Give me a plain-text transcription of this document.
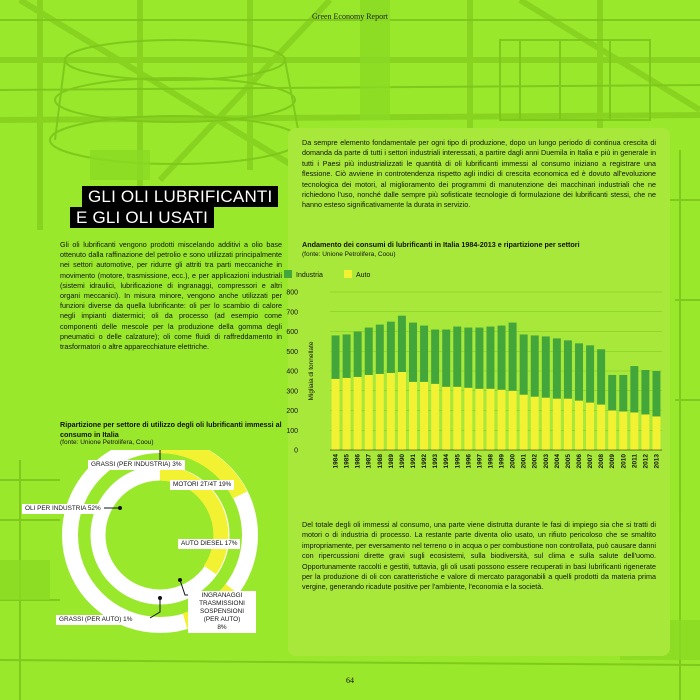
Green Economy Report
GLI OLI LUBRIFICANTI
E GLI OLI USATI

Gli oli lubrificanti vengono prodotti miscelando additivi a olio base ottenuto dalla raffinazione del petrolio e sono utilizzati principalmente nei settori automotive, per ridurre gli attriti tra parti meccaniche in movimento (motore, trasmissione, ecc.), e per applicazioni industriali (sistemi idraulici, lubrificazione di ingranaggi, compressori e altri organi meccanici). In misura minore, vengono anche utilizzati per funzioni diverse da quella lubrificante: oli per lo scambio di calore negli impianti diatermici; oli da processo (ad esempio come componenti delle mescole per la produzione della gomma degli pneumatici o delle calzature); oli come fluidi di raffreddamento in trasformatori o altre apparecchiature elettriche.

Ripartizione per settore di utilizzo degli oli lubrificanti immessi al consumo in Italia

(fonte: Unione Petrolifera, Coou)

GRASSI (PER INDUSTRIA) 3%
MOTORI 2T/4T 19%
OLI PER INDUSTRIA 52%
AUTO DIESEL 17%
INGRANAGGI
TRASMISSIONI
SOSPENSIONI
(PER AUTO)
8%
GRASSI (PER AUTO) 1%

Da sempre elemento fondamentale per ogni tipo di produzione, dopo un lungo periodo di continua crescita di domanda da parte di tutti i settori industriali interessati, a partire dagli anni Duemila in Italia e più in generale in tutti i Paesi più industrializzati le quantità di oli lubrificanti immessi al consumo iniziano a registrare una flessione. Ciò avviene in controtendenza rispetto agli indici di crescita economica ed è dovuto all'evoluzione tecnologica dei motori, al miglioramento dei programmi di manutenzione dei macchinari industriali che ne richiedono l'uso, nonché dalle sempre più sofisticate tecnologie di formulazione dei lubrificanti stessi, che ne hanno esteso significativamente la durata in servizio.

Andamento dei consumi di lubrificanti in Italia 1984-2013 e ripartizione per settori

(fonte: Unione Petrolifera, Coou)

Industria	Auto
0
100
200
300
400
500
600
700
800
Migliaia di tonnellate
1984 1985 1986 1987 1988 1989 1990 1991 1992 1993 1994 1995 1996 1997 1998 1999 2000 2001 2002 2003 2004 2005 2006 2007 2008 2009 2010 2011 2012 2013

Del totale degli oli immessi al consumo, una parte viene distrutta durante le fasi di impiego sia che si tratti di motori o di industria di processo. La restante parte diventa olio usato, un rifiuto pericoloso che se smaltito impropriamente, per eversamento nel terreno o in acqua o per combustione non controllata, può causare danni con ripercussioni dirette gravi sugli ecosistemi, sulla biodiversità, sul clima e sulla salute dell'uomo. Opportunamente raccolti e gestiti, tuttavia, gli oli usati possono essere recuperati in basi lubrificanti rigenerate per la produzione di oli con caratteristiche e valore di mercato paragonabili a quelli prodotti da materia prima vergine, generando ricadute positive per l'ambiente, l'economia e la società.

64
